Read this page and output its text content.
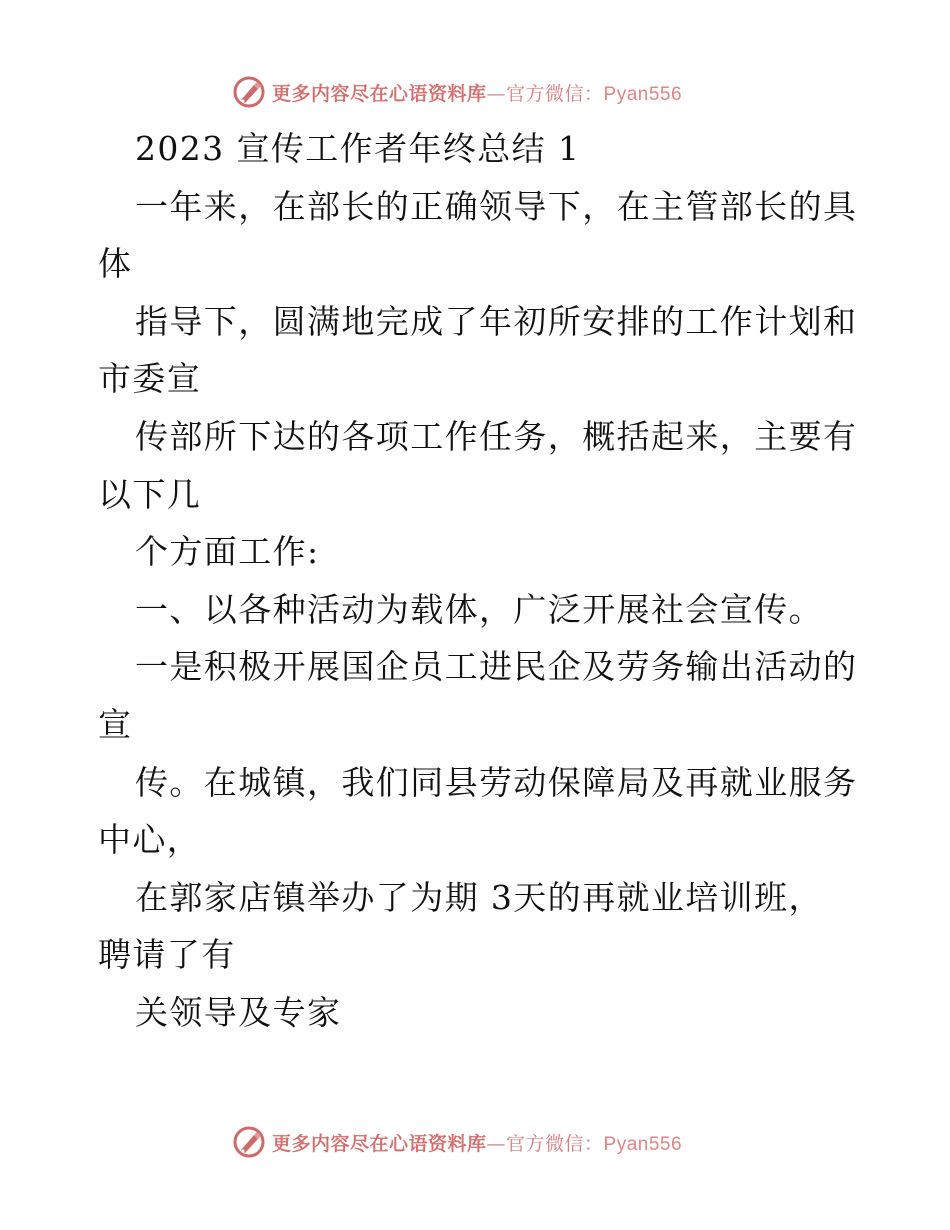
更多内容尽在心语资料库—官方微信：Pyan556
2023 宣传工作者年终总结 1
一年来，在部长的正确领导下，在主管部长的具
体
指导下，圆满地完成了年初所安排的工作计划和
市委宣
传部所下达的各项工作任务，概括起来，主要有
以下几
个方面工作:
一、以各种活动为载体，广泛开展社会宣传。
一是积极开展国企员工进民企及劳务输出活动的
宣
传。在城镇，我们同县劳动保障局及再就业服务
中心，
在郭家店镇举办了为期 3天的再就业培训班，
聘请了有
关领导及专家
更多内容尽在心语资料库—官方微信：Pyan556
